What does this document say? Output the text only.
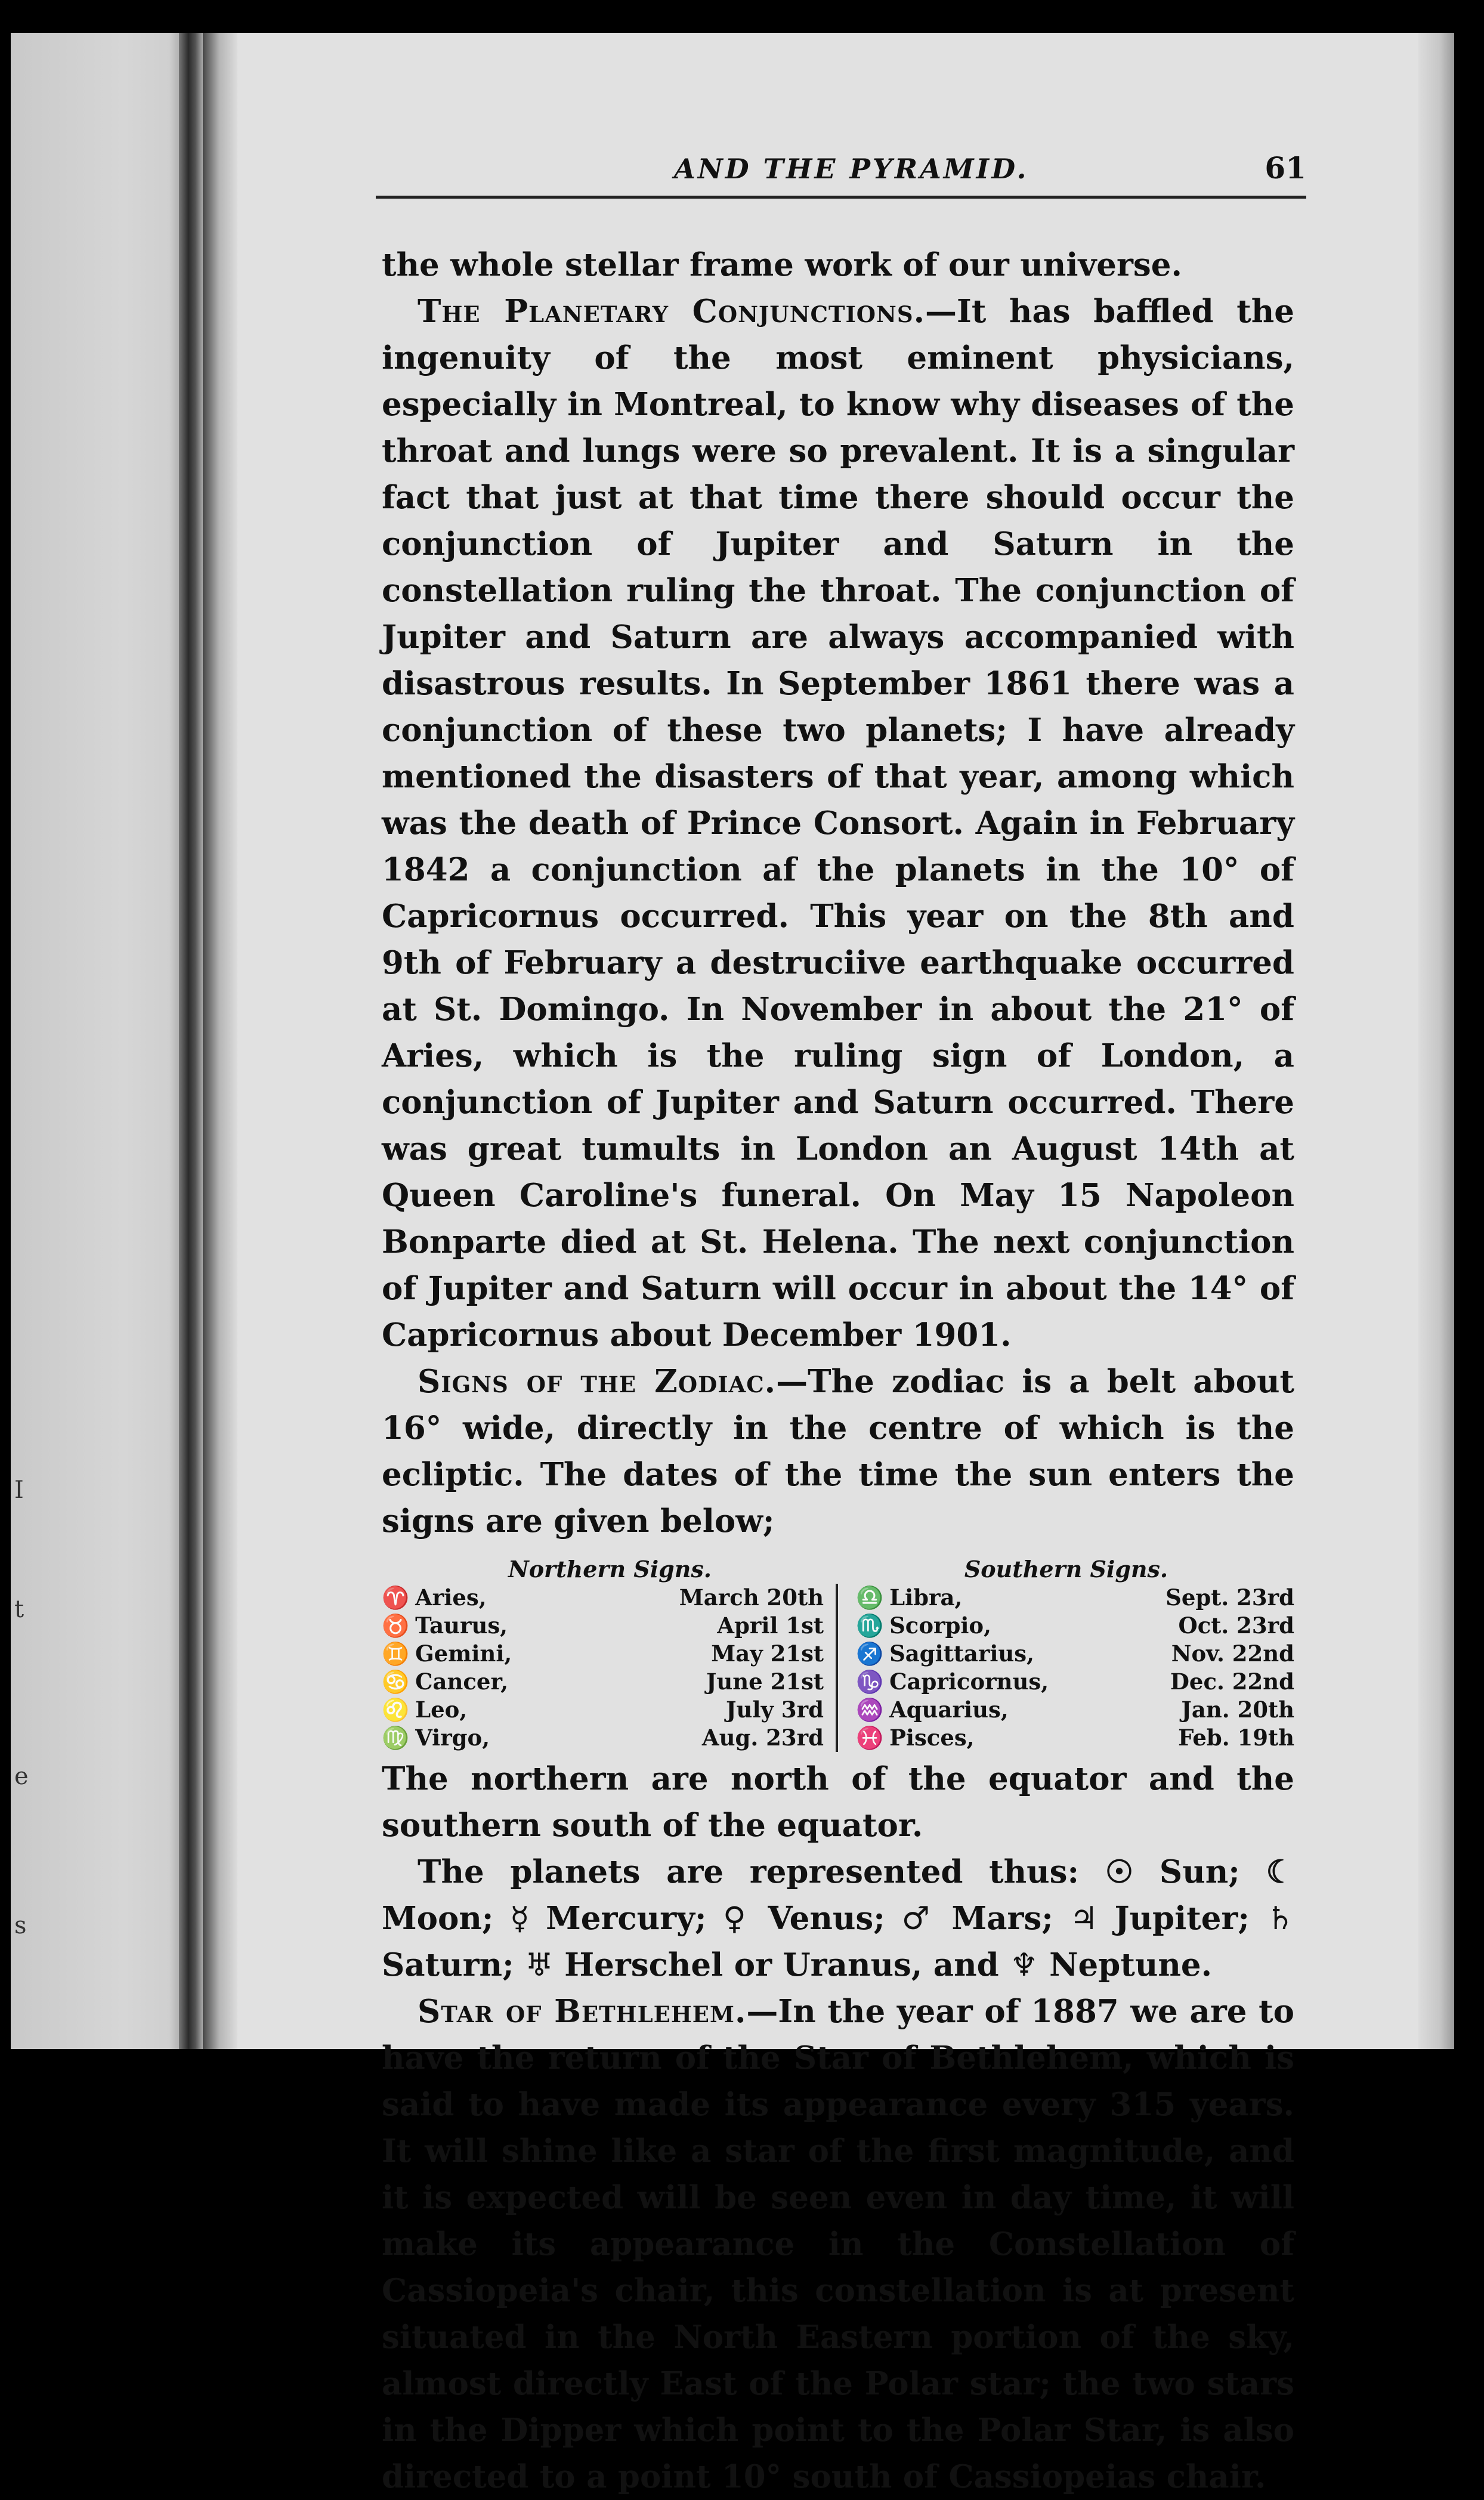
I
t
e
s
AND THE PYRAMID.	61

the whole stellar frame work of our universe.

The Planetary Conjunctions.—It has baffled the ingenuity of the most eminent physicians, especially in Montreal, to know why diseases of the throat and lungs were so prevalent. It is a singular fact that just at that time there should occur the conjunction of Jupiter and Saturn in the constellation ruling the throat. The conjunction of Jupiter and Saturn are always accompanied with disastrous results. In September 1861 there was a conjunction of these two planets; I have already mentioned the disasters of that year, among which was the death of Prince Consort. Again in February 1842 a conjunction af the planets in the 10° of Capricornus occurred. This year on the 8th and 9th of February a destruciive earthquake occurred at St. Domingo. In November in about the 21° of Aries, which is the ruling sign of London, a conjunction of Jupiter and Saturn occurred. There was great tumults in London an August 14th at Queen Caroline's funeral. On May 15 Napoleon Bonparte died at St. Helena. The next conjunction of Jupiter and Saturn will occur in about the 14° of Capricornus about December 1901.

Signs of the Zodiac.—The zodiac is a belt about 16° wide, directly in the centre of which is the ecliptic. The dates of the time the sun enters the signs are given below;

Northern Signs.	Southern Signs.
♈ Aries,	March 20th
♉ Taurus,	April 1st
♊ Gemini,	May 21st
♋ Cancer,	June 21st
♌ Leo,	July 3rd
♍ Virgo,	Aug. 23rd
♎ Libra,	Sept. 23rd
♏ Scorpio,	Oct. 23rd
♐ Sagittarius,	Nov. 22nd
♑ Capricornus,	Dec. 22nd
♒ Aquarius,	Jan. 20th
♓ Pisces,	Feb. 19th

The northern are north of the equator and the southern south of the equator.

The planets are represented thus: ☉ Sun; ☾ Moon; ☿ Mercury; ♀ Venus; ♂ Mars; ♃ Jupiter; ♄ Saturn; ♅ Herschel or Uranus, and ♆ Neptune.

Star of Bethlehem.—In the year of 1887 we are to have the return of the Star of Bethlehem, which is said to have made its appearance every 315 years. It will shine like a star of the first magnitude, and it is expected will be seen even in day time, it will make its appearance in the Constellation of Cassiopeia's chair, this constellation is at present situated in the North Eastern portion of the sky, almost directly East of the Polar star; the two stars in the Dipper which point to the Polar Star, is also directed to a point 10° south of Cassiopeias chair.
